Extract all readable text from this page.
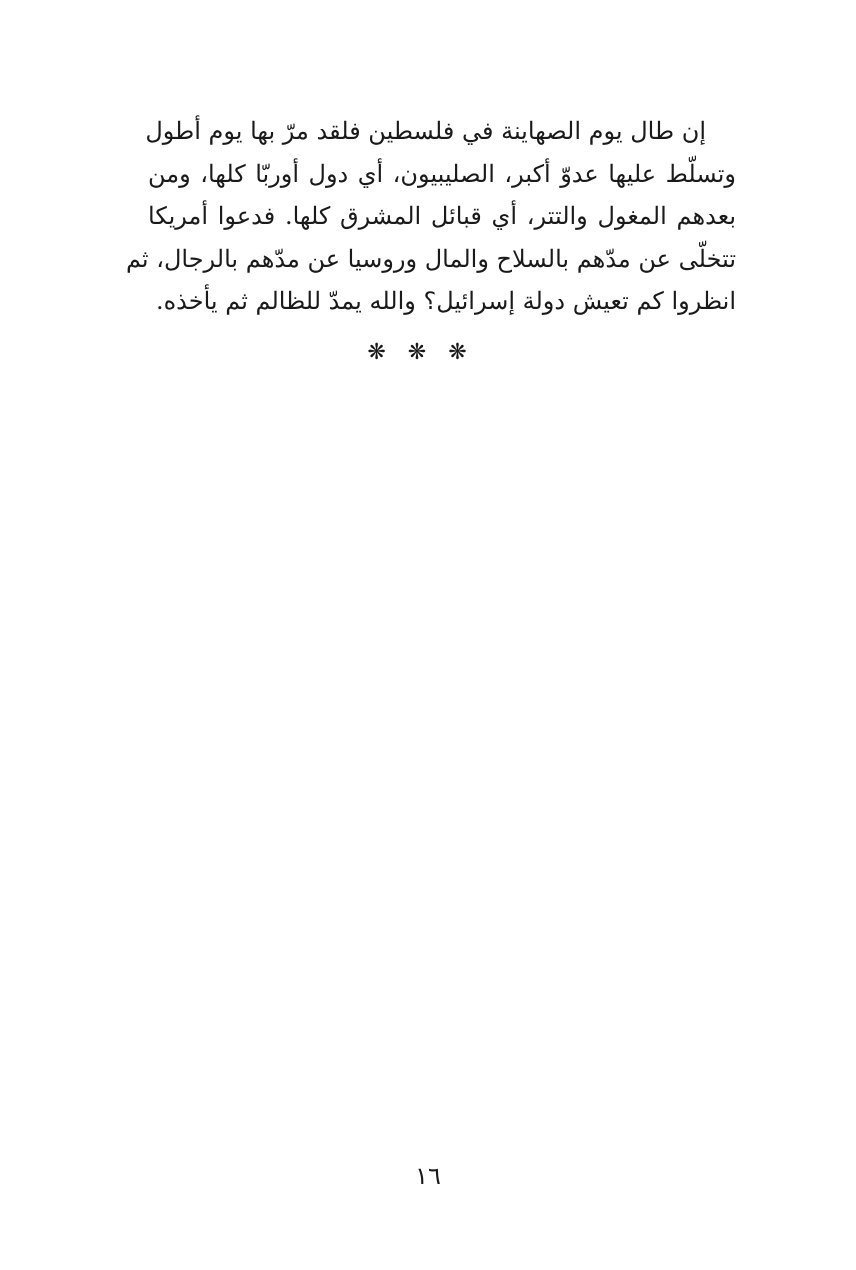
إن طال يوم الصهاينة في فلسطين فلقد مرّ بها يوم أطول
وتسلّط عليها عدوّ أكبر، الصليبيون، أي دول أوربّا كلها، ومن
بعدهم المغول والتتر، أي قبائل المشرق كلها. فدعوا أمريكا
تتخلّى عن مدّهم بالسلاح والمال وروسيا عن مدّهم بالرجال، ثم
انظروا كم تعيش دولة إسرائيل؟ والله يمدّ للظالم ثم يأخذه.
❋❋❋
١٦
